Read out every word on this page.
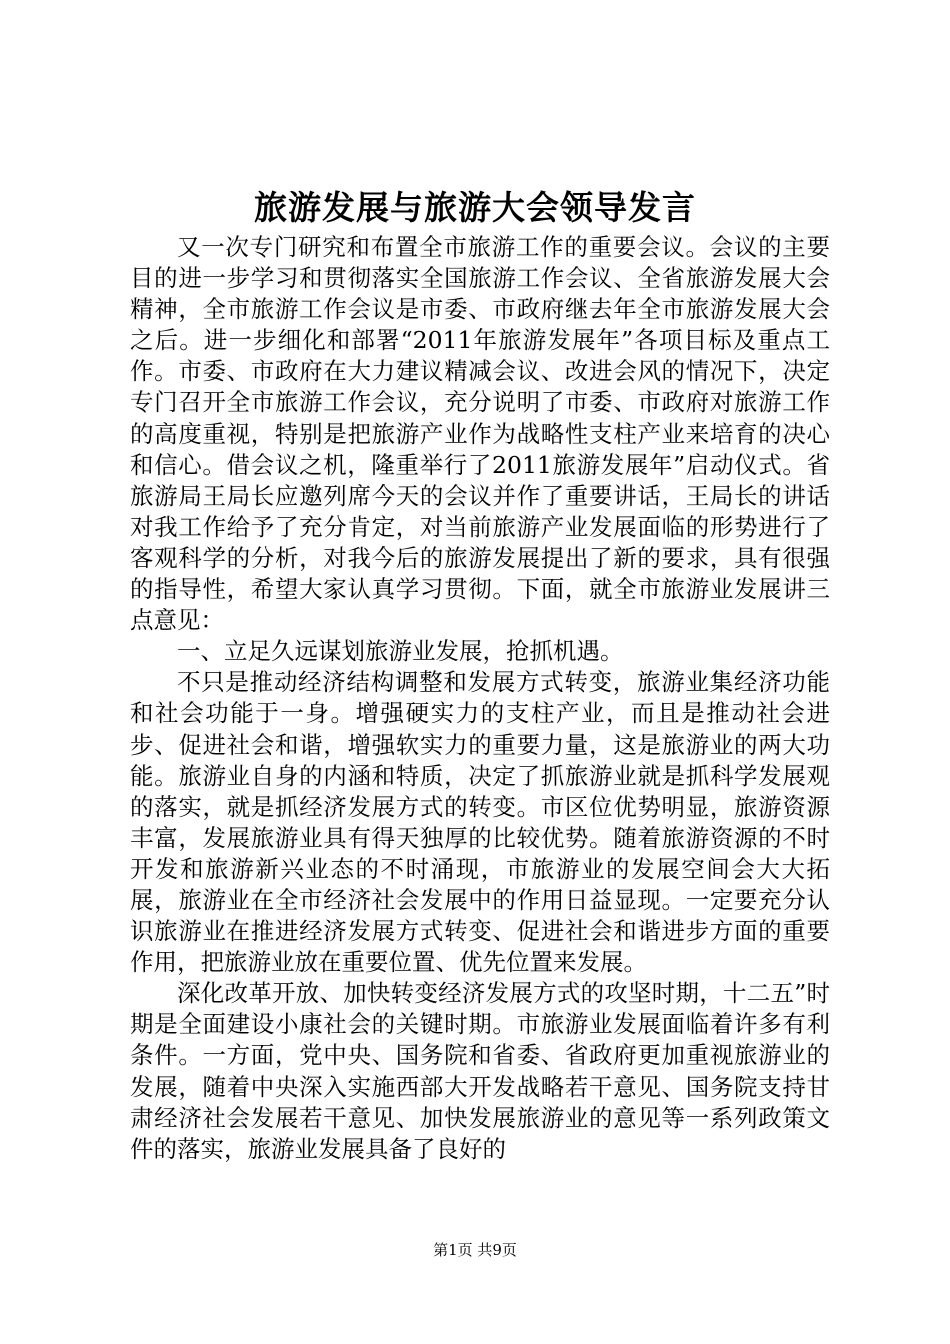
旅游发展与旅游大会领导发言

又一次专门研究和布置全市旅游工作的重要会议。会议的主要目的进一步学习和贯彻落实全国旅游工作会议、全省旅游发展大会精神，全市旅游工作会议是市委、市政府继去年全市旅游发展大会之后。进一步细化和部署“2011年旅游发展年”各项目标及重点工作。市委、市政府在大力建议精减会议、改进会风的情况下，决定专门召开全市旅游工作会议，充分说明了市委、市政府对旅游工作的高度重视，特别是把旅游产业作为战略性支柱产业来培育的决心和信心。借会议之机，隆重举行了2011旅游发展年”启动仪式。省旅游局王局长应邀列席今天的会议并作了重要讲话，王局长的讲话对我工作给予了充分肯定，对当前旅游产业发展面临的形势进行了客观科学的分析，对我今后的旅游发展提出了新的要求，具有很强的指导性，希望大家认真学习贯彻。下面，就全市旅游业发展讲三点意见：

一、立足久远谋划旅游业发展，抢抓机遇。

不只是推动经济结构调整和发展方式转变，旅游业集经济功能和社会功能于一身。增强硬实力的支柱产业，而且是推动社会进步、促进社会和谐，增强软实力的重要力量，这是旅游业的两大功能。旅游业自身的内涵和特质，决定了抓旅游业就是抓科学发展观的落实，就是抓经济发展方式的转变。市区位优势明显，旅游资源丰富，发展旅游业具有得天独厚的比较优势。随着旅游资源的不时开发和旅游新兴业态的不时涌现，市旅游业的发展空间会大大拓展，旅游业在全市经济社会发展中的作用日益显现。一定要充分认识旅游业在推进经济发展方式转变、促进社会和谐进步方面的重要作用，把旅游业放在重要位置、优先位置来发展。

深化改革开放、加快转变经济发展方式的攻坚时期，十二五”时期是全面建设小康社会的关键时期。市旅游业发展面临着许多有利条件。一方面，党中央、国务院和省委、省政府更加重视旅游业的发展，随着中央深入实施西部大开发战略若干意见、国务院支持甘肃经济社会发展若干意见、加快发展旅游业的意见等一系列政策文件的落实，旅游业发展具备了良好的

第1页 共9页
